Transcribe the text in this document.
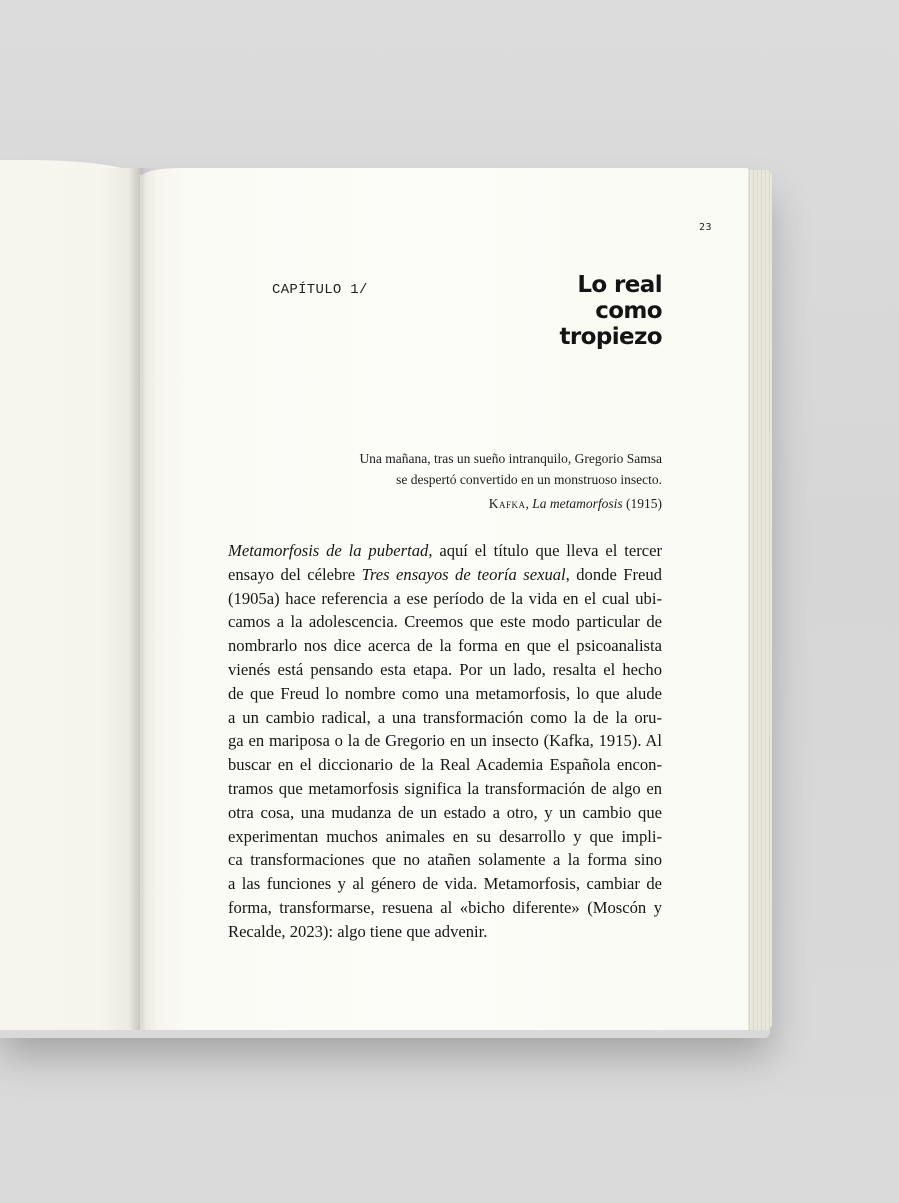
23
CAPÍTULO 1/	Lo real
como
tropiezo
Una mañana, tras un sueño intranquilo, Gregorio Samsa
se despertó convertido en un monstruoso insecto.
Kafka, La metamorfosis (1915)
Metamorfosis de la pubertad, aquí el título que lleva el tercer
ensayo del célebre Tres ensayos de teoría sexual, donde Freud
(1905a) hace referencia a ese período de la vida en el cual ubi-
camos a la adolescencia. Creemos que este modo particular de
nombrarlo nos dice acerca de la forma en que el psicoanalista
vienés está pensando esta etapa. Por un lado, resalta el hecho
de que Freud lo nombre como una metamorfosis, lo que alude
a un cambio radical, a una transformación como la de la oru-
ga en mariposa o la de Gregorio en un insecto (Kafka, 1915). Al
buscar en el diccionario de la Real Academia Española encon-
tramos que metamorfosis significa la transformación de algo en
otra cosa, una mudanza de un estado a otro, y un cambio que
experimentan muchos animales en su desarrollo y que impli-
ca transformaciones que no atañen solamente a la forma sino
a las funciones y al género de vida. Metamorfosis, cambiar de
forma, transformarse, resuena al «bicho diferente» (Moscón y
Recalde, 2023): algo tiene que advenir.
